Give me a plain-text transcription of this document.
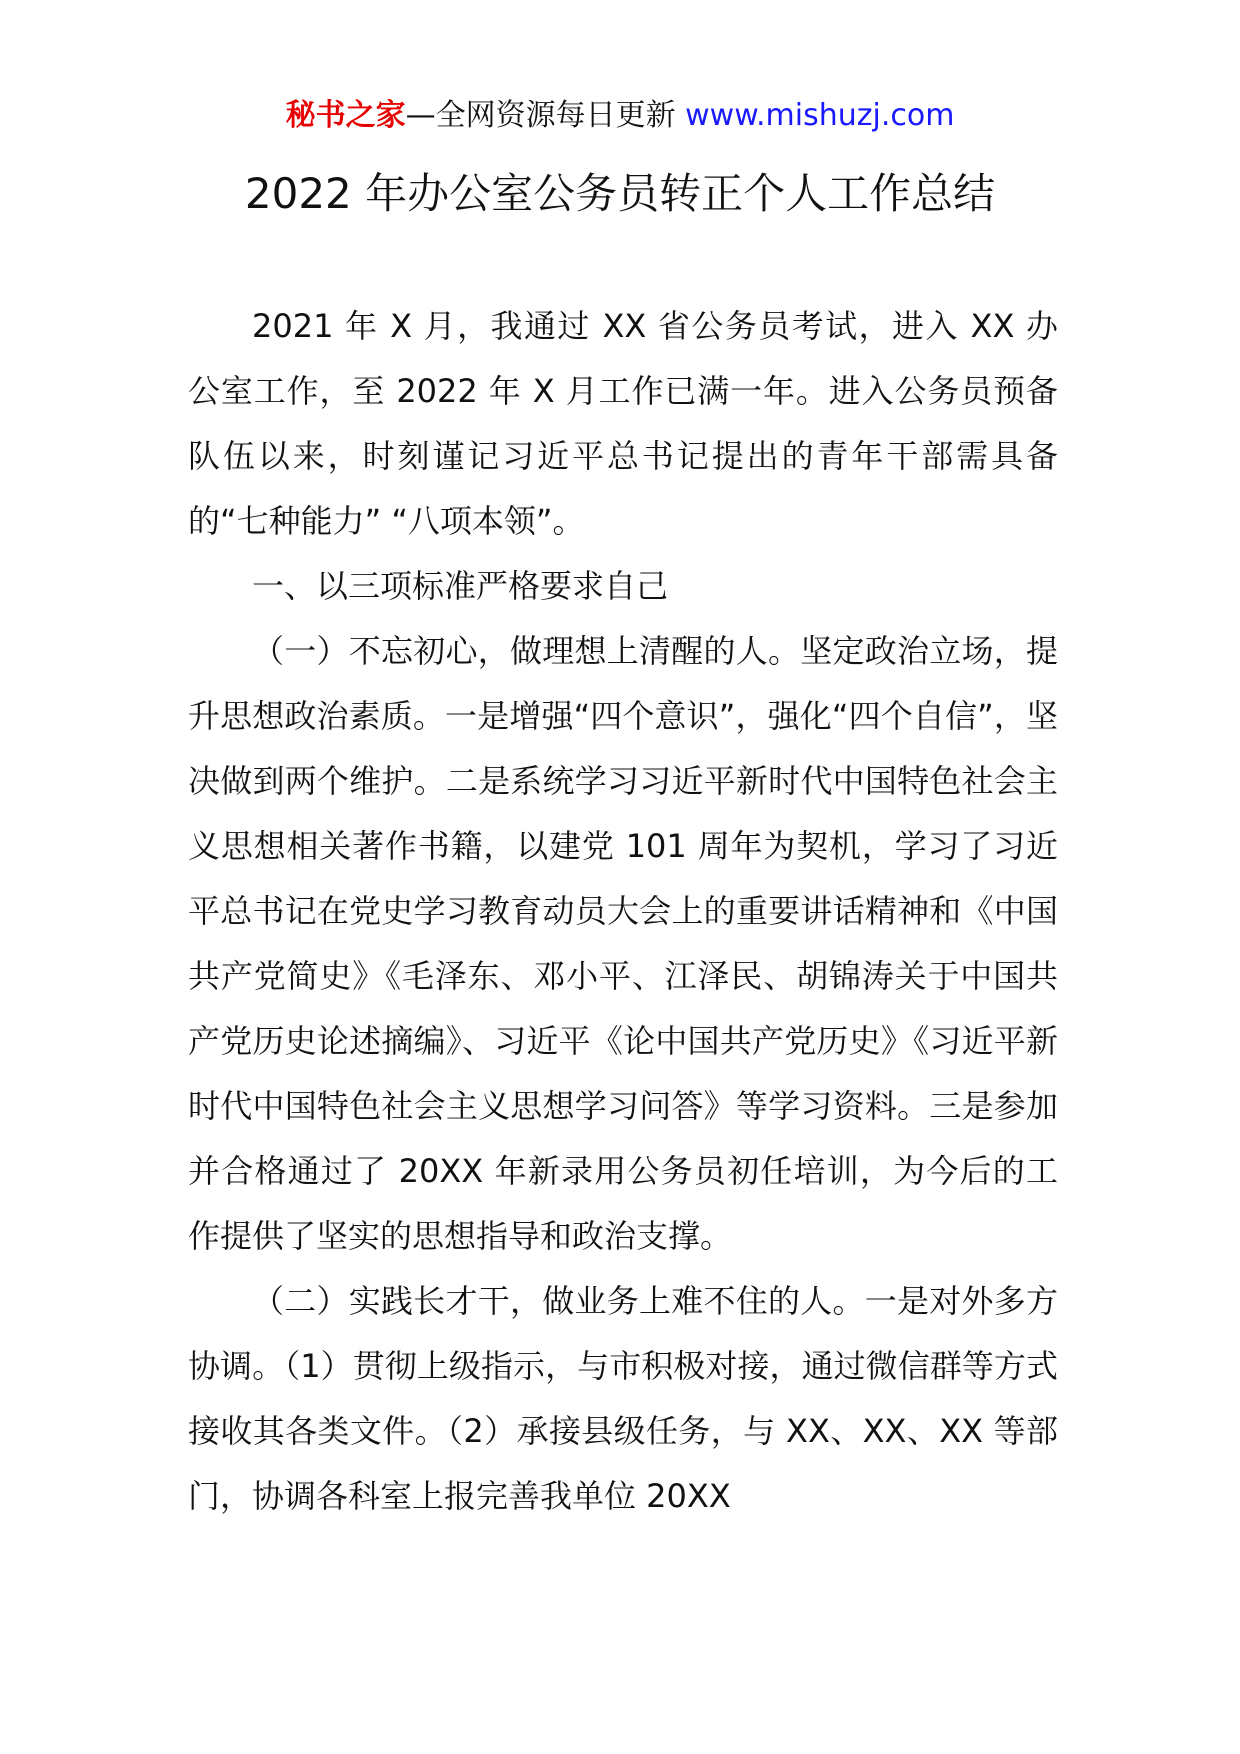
秘书之家—全网资源每日更新 www.mishuzj.com
2022 年办公室公务员转正个人工作总结

2021 年 X 月，我通过 XX 省公务员考试，进入 XX 办公室工作，至 2022 年 X 月工作已满一年。进入公务员预备队伍以来，时刻谨记习近平总书记提出的青年干部需具备的“七种能力” “八项本领”。

一、以三项标准严格要求自己

（一）不忘初心，做理想上清醒的人。坚定政治立场，提升思想政治素质。一是增强“四个意识”，强化“四个自信”，坚决做到两个维护。二是系统学习习近平新时代中国特色社会主义思想相关著作书籍，以建党 101 周年为契机，学习了习近平总书记在党史学习教育动员大会上的重要讲话精神和《中国共产党简史》《毛泽东、邓小平、江泽民、胡锦涛关于中国共产党历史论述摘编》、习近平《论中国共产党历史》《习近平新时代中国特色社会主义思想学习问答》等学习资料。三是参加并合格通过了 20XX 年新录用公务员初任培训，为今后的工作提供了坚实的思想指导和政治支撑。

（二）实践长才干，做业务上难不住的人。一是对外多方协调。（1）贯彻上级指示，与市积极对接，通过微信群等方式接收其各类文件。（2）承接县级任务，与 XX、XX、XX 等部门，协调各科室上报完善我单位 20XX
